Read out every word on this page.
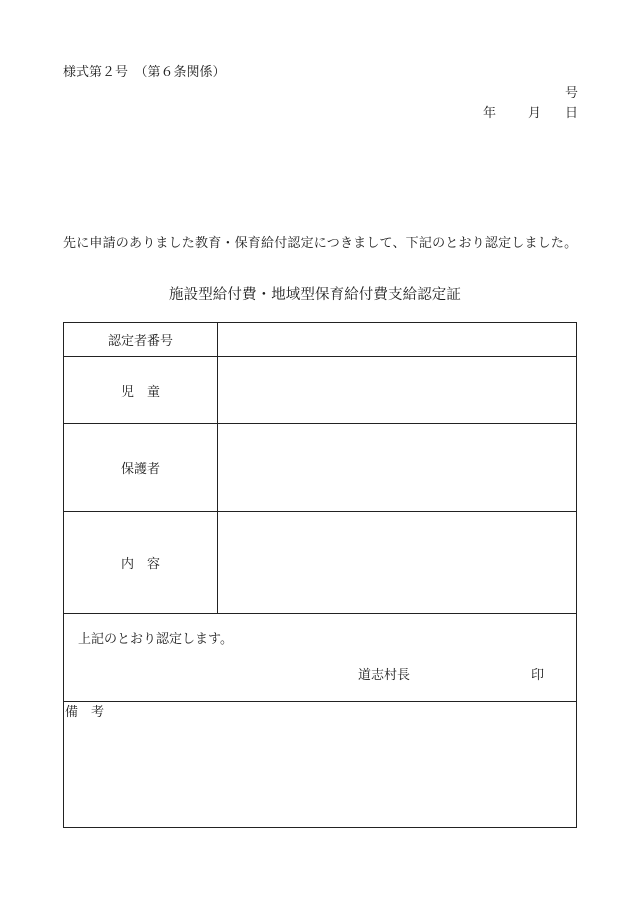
様式第２号　（第６条関係）
号
年 月 日
先に申請のありました教育・保育給付認定につきまして、下記のとおり認定しました。
施設型給付費・地域型保育給付費支給認定証
認定者番号
児　童
保護者
内　容
上記のとおり認定します。
道志村長	印
備　考
